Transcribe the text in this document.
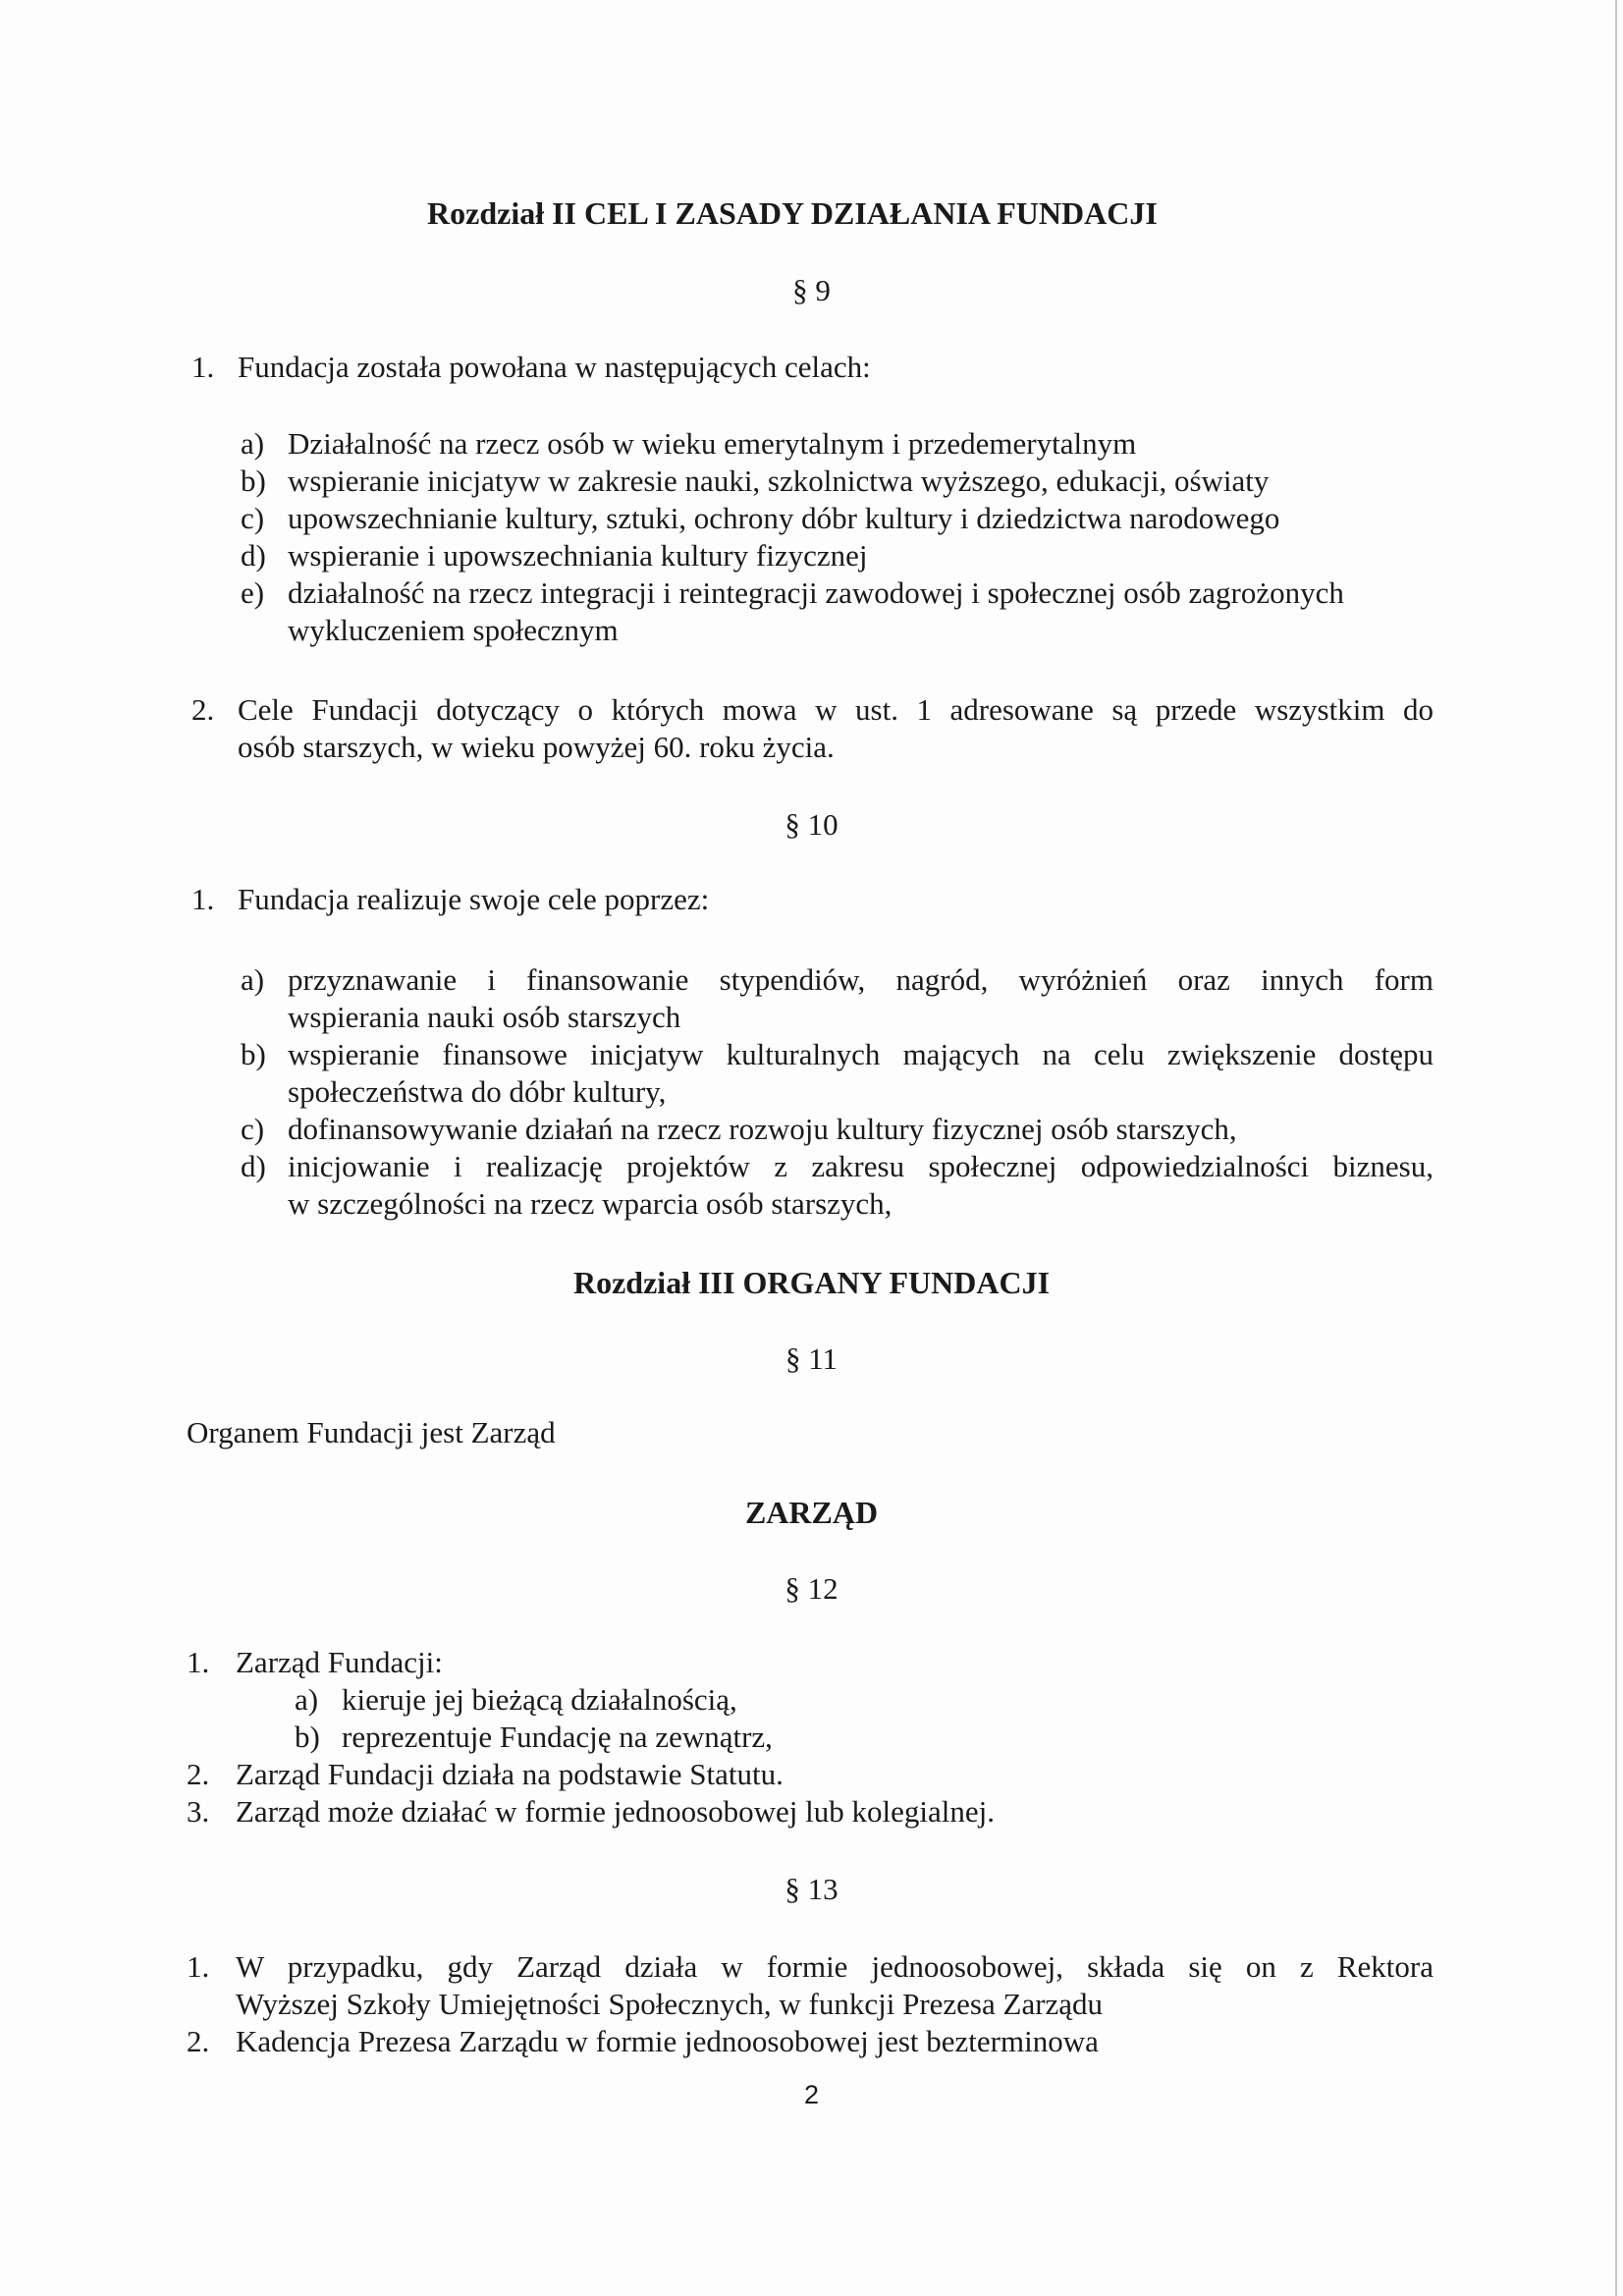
Rozdział II CEL I ZASADY DZIAŁANIA FUNDACJI
§ 9
1. Fundacja została powołana w następujących celach:
a) Działalność na rzecz osób w wieku emerytalnym i przedemerytalnym
b) wspieranie inicjatyw w zakresie nauki, szkolnictwa wyższego, edukacji, oświaty
c) upowszechnianie kultury, sztuki, ochrony dóbr kultury i dziedzictwa narodowego
d) wspieranie i upowszechniania kultury fizycznej
e) działalność na rzecz integracji i reintegracji zawodowej i społecznej osób zagrożonych
wykluczeniem społecznym
2. Cele Fundacji dotyczący o których mowa w ust. 1 adresowane są przede wszystkim do
osób starszych, w wieku powyżej 60. roku życia.
§ 10
1. Fundacja realizuje swoje cele poprzez:
a) przyznawanie i finansowanie stypendiów, nagród, wyróżnień oraz innych form
wspierania nauki osób starszych
b) wspieranie finansowe inicjatyw kulturalnych mających na celu zwiększenie dostępu
społeczeństwa do dóbr kultury,
c) dofinansowywanie działań na rzecz rozwoju kultury fizycznej osób starszych,
d) inicjowanie i realizację projektów z zakresu społecznej odpowiedzialności biznesu,
w szczególności na rzecz wparcia osób starszych,
Rozdział III ORGANY FUNDACJI
§ 11
Organem Fundacji jest Zarząd
ZARZĄD
§ 12
1. Zarząd Fundacji:
a) kieruje jej bieżącą działalnością,
b) reprezentuje Fundację na zewnątrz,
2. Zarząd Fundacji działa na podstawie Statutu.
3. Zarząd może działać w formie jednoosobowej lub kolegialnej.
§ 13
1. W przypadku, gdy Zarząd działa w formie jednoosobowej, składa się on z Rektora
Wyższej Szkoły Umiejętności Społecznych, w funkcji Prezesa Zarządu
2. Kadencja Prezesa Zarządu w formie jednoosobowej jest bezterminowa
2
